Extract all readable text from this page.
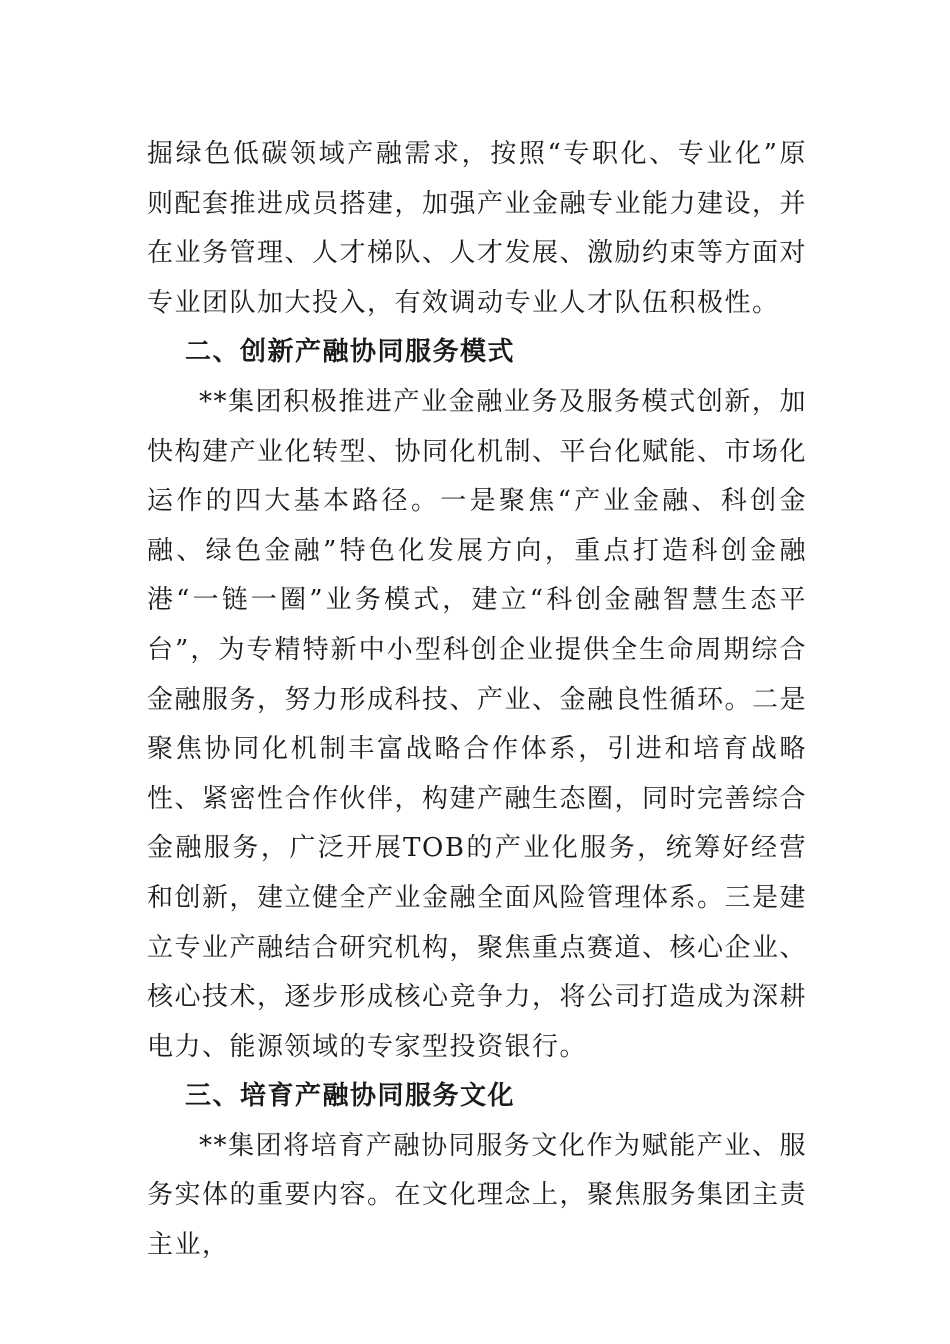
掘绿色低碳领域产融需求，按照“专职化、专业化”原则配套推进成员搭建，加强产业金融专业能力建设，并在业务管理、人才梯队、人才发展、激励约束等方面对专业团队加大投入，有效调动专业人才队伍积极性。

二、创新产融协同服务模式

**集团积极推进产业金融业务及服务模式创新，加快构建产业化转型、协同化机制、平台化赋能、市场化运作的四大基本路径。一是聚焦“产业金融、科创金融、绿色金融”特色化发展方向，重点打造科创金融港“一链一圈”业务模式，建立“科创金融智慧生态平台”，为专精特新中小型科创企业提供全生命周期综合金融服务，努力形成科技、产业、金融良性循环。二是聚焦协同化机制丰富战略合作体系，引进和培育战略性、紧密性合作伙伴，构建产融生态圈，同时完善综合金融服务，广泛开展TOB的产业化服务，统筹好经营和创新，建立健全产业金融全面风险管理体系。三是建立专业产融结合研究机构，聚焦重点赛道、核心企业、核心技术，逐步形成核心竞争力，将公司打造成为深耕电力、能源领域的专家型投资银行。

三、培育产融协同服务文化

**集团将培育产融协同服务文化作为赋能产业、服务实体的重要内容。在文化理念上，聚焦服务集团主责主业，
